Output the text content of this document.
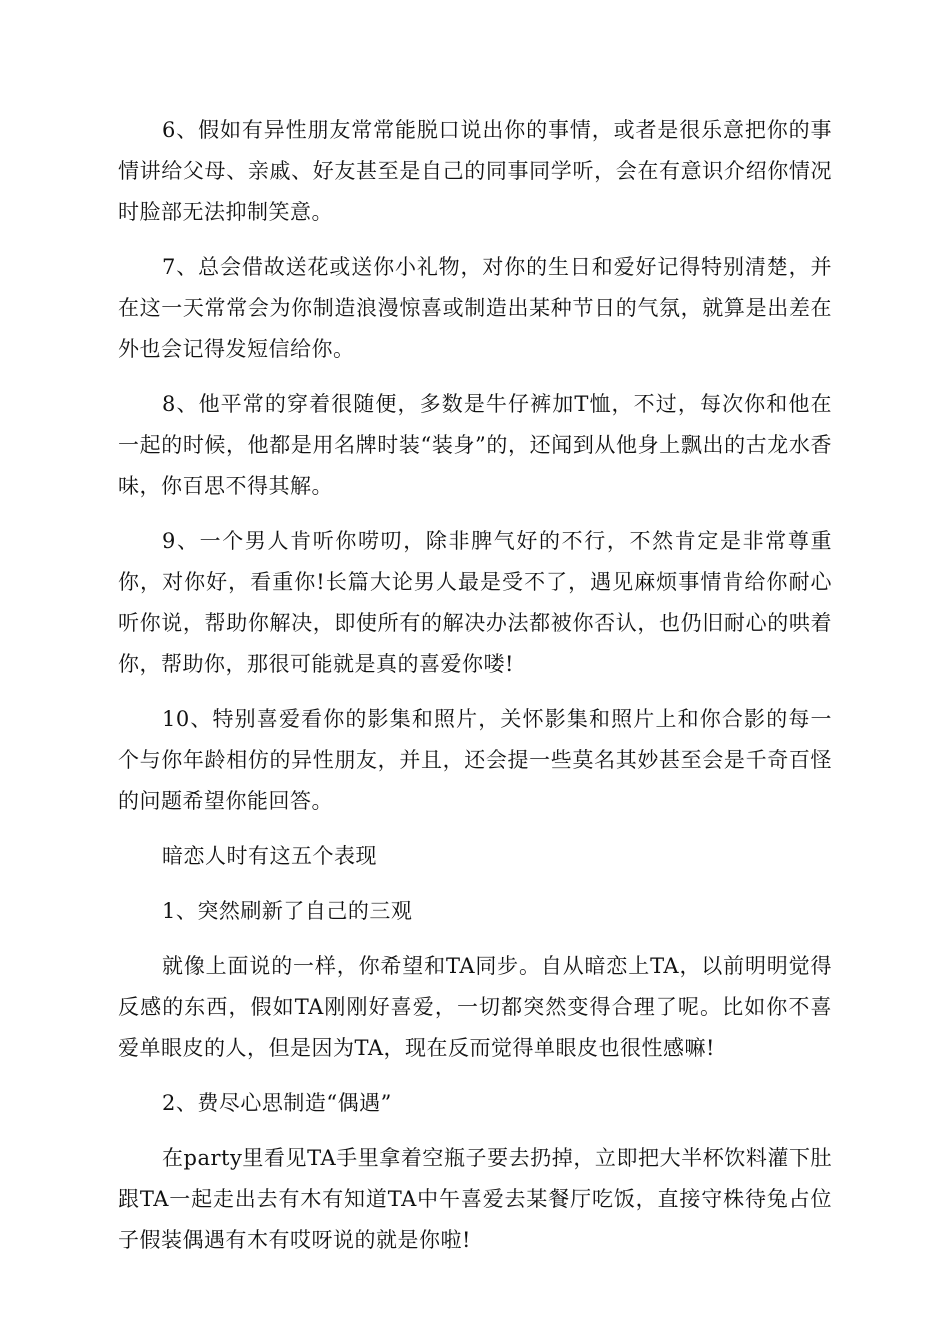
6、假如有异性朋友常常能脱口说出你的事情，或者是很乐意把你的事情讲给父母、亲戚、好友甚至是自己的同事同学听，会在有意识介绍你情况时脸部无法抑制笑意。

7、总会借故送花或送你小礼物，对你的生日和爱好记得特别清楚，并在这一天常常会为你制造浪漫惊喜或制造出某种节日的气氛，就算是出差在外也会记得发短信给你。

8、他平常的穿着很随便，多数是牛仔裤加T恤，不过，每次你和他在一起的时候，他都是用名牌时装“装身”的，还闻到从他身上飘出的古龙水香味，你百思不得其解。

9、一个男人肯听你唠叨，除非脾气好的不行，不然肯定是非常尊重你，对你好，看重你!长篇大论男人最是受不了，遇见麻烦事情肯给你耐心听你说，帮助你解决，即使所有的解决办法都被你否认，也仍旧耐心的哄着你，帮助你，那很可能就是真的喜爱你喽!

10、特别喜爱看你的影集和照片，关怀影集和照片上和你合影的每一个与你年龄相仿的异性朋友，并且，还会提一些莫名其妙甚至会是千奇百怪的问题希望你能回答。

暗恋人时有这五个表现

1、突然刷新了自己的三观

就像上面说的一样，你希望和TA同步。自从暗恋上TA，以前明明觉得反感的东西，假如TA刚刚好喜爱，一切都突然变得合理了呢。比如你不喜爱单眼皮的人，但是因为TA，现在反而觉得单眼皮也很性感嘛!

2、费尽心思制造“偶遇”

在party里看见TA手里拿着空瓶子要去扔掉，立即把大半杯饮料灌下肚跟TA一起走出去有木有知道TA中午喜爱去某餐厅吃饭，直接守株待兔占位子假装偶遇有木有哎呀说的就是你啦!
